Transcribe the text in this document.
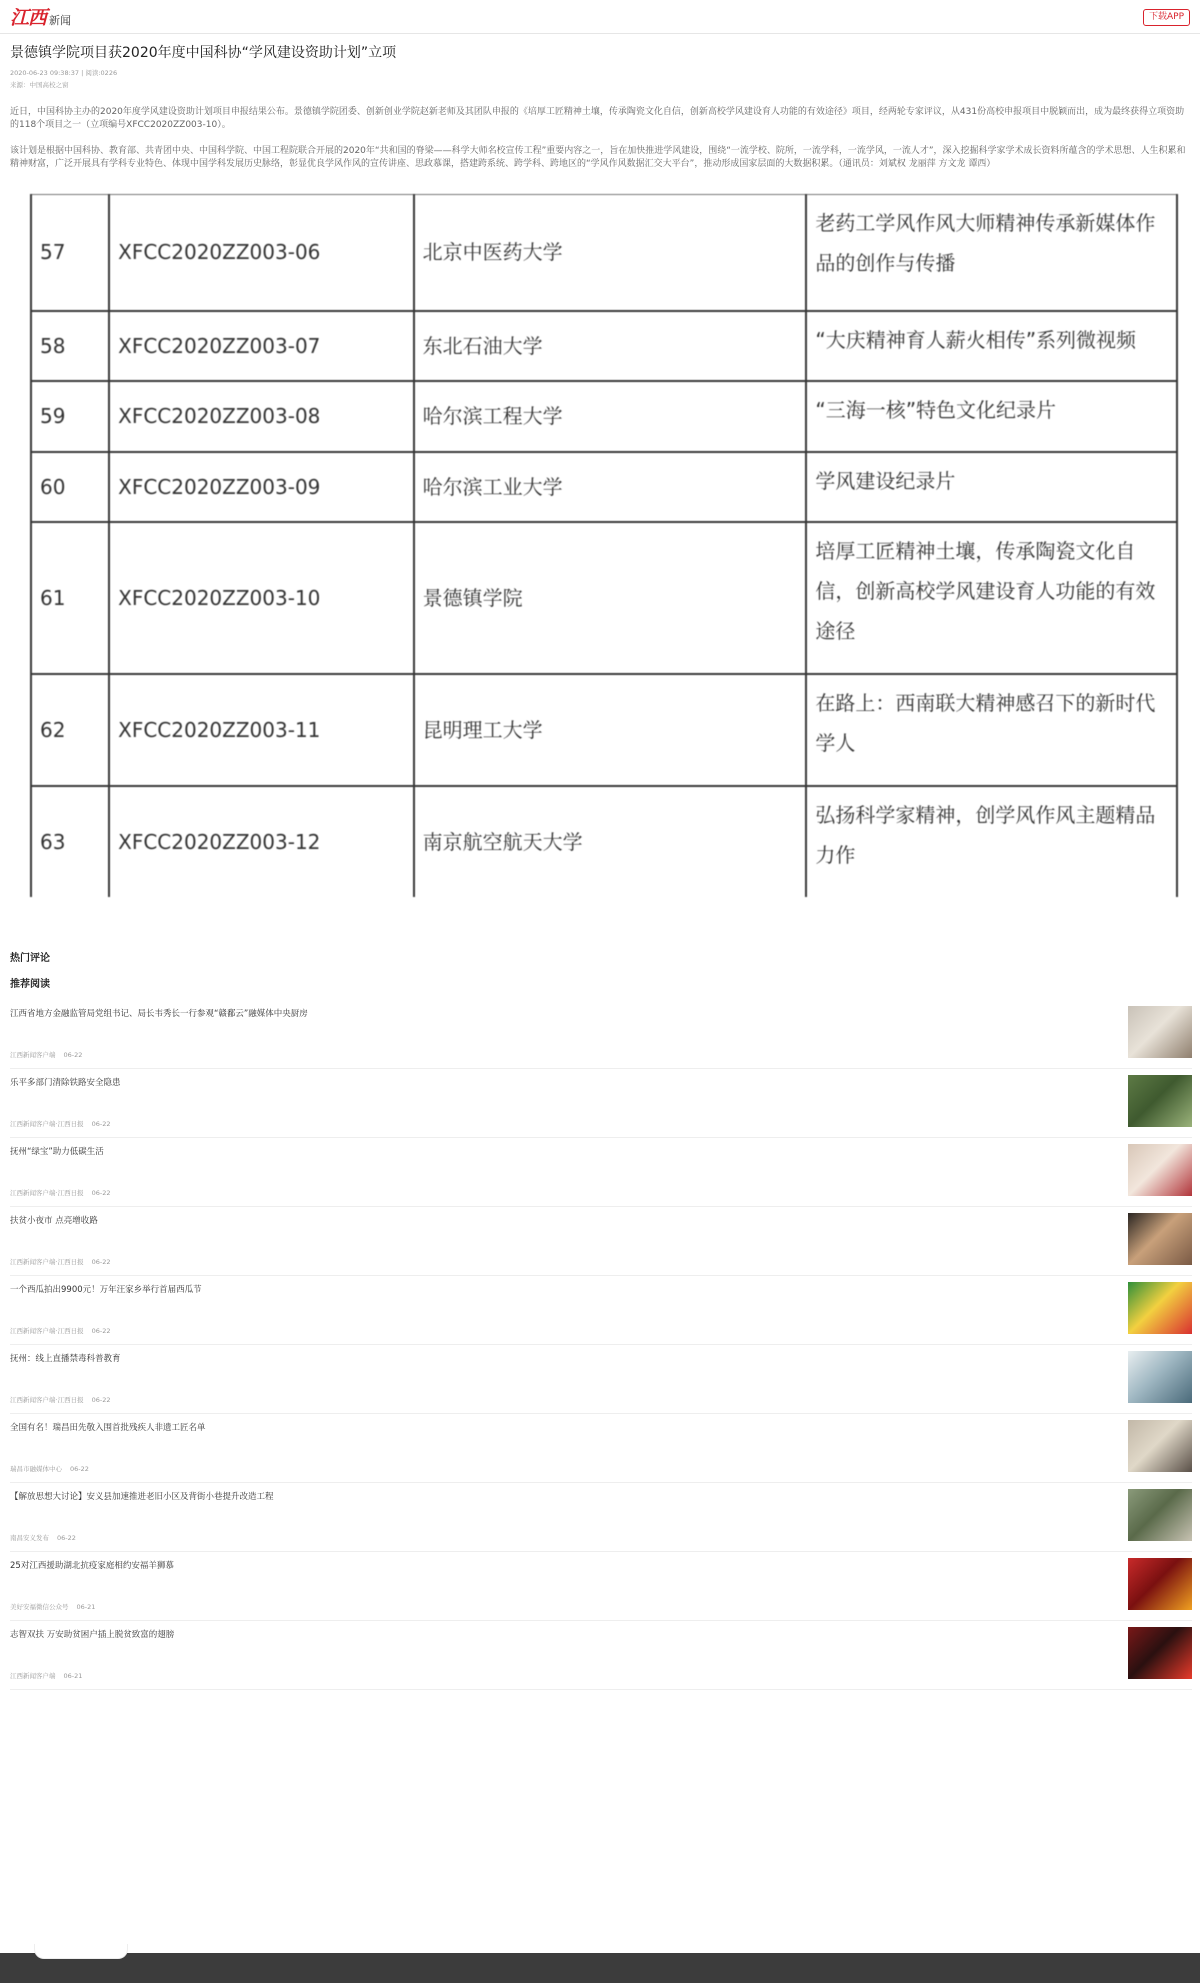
江西 新闻	下载APP
景德镇学院项目获2020年度中国科协“学风建设资助计划”立项
2020-06-23 09:38:37 | 阅读:0226
来源：中国高校之窗

近日，中国科协主办的2020年度学风建设资助计划项目申报结果公布。景德镇学院团委、创新创业学院赵新老师及其团队申报的《培厚工匠精神土壤，传承陶瓷文化自信，创新高校学风建设育人功能的有效途径》项目，经两轮专家评议，从431份高校申报项目中脱颖而出，成为最终获得立项资助的118个项目之一（立项编号XFCC2020ZZ003-10）。

该计划是根据中国科协、教育部、共青团中央、中国科学院、中国工程院联合开展的2020年“共和国的脊梁——科学大师名校宣传工程”重要内容之一，旨在加快推进学风建设，围绕“一流学校、院所，一流学科，一流学风，一流人才”，深入挖掘科学家学术成长资料所蕴含的学术思想、人生积累和精神财富，广泛开展具有学科专业特色、体现中国学科发展历史脉络，彰显优良学风作风的宣传讲座、思政慕课，搭建跨系统、跨学科、跨地区的“学风作风数据汇交大平台”，推动形成国家层面的大数据积累。（通讯员：刘斌权 龙丽萍 方文龙 谭西）

57	XFCC2020ZZ003-06	北京中医药大学	老药工学风作风大师精神传承新媒体作品的创作与传播
58	XFCC2020ZZ003-07	东北石油大学	“大庆精神育人薪火相传”系列微视频
59	XFCC2020ZZ003-08	哈尔滨工程大学	“三海一核”特色文化纪录片
60	XFCC2020ZZ003-09	哈尔滨工业大学	学风建设纪录片
61	XFCC2020ZZ003-10	景德镇学院	培厚工匠精神土壤，传承陶瓷文化自信，创新高校学风建设育人功能的有效途径
62	XFCC2020ZZ003-11	昆明理工大学	在路上：西南联大精神感召下的新时代学人
63	XFCC2020ZZ003-12	南京航空航天大学	弘扬科学家精神，创学风作风主题精品力作
热门评论
推荐阅读
江西省地方金融监管局党组书记、局长韦秀长一行参观“赣鄱云”融媒体中央厨房
江西新闻客户端 06-22
乐平多部门清除铁路安全隐患
江西新闻客户端·江西日报 06-22
抚州“绿宝”助力低碳生活
江西新闻客户端·江西日报 06-22
扶贫小夜市 点亮增收路
江西新闻客户端·江西日报 06-22
一个西瓜拍出9900元！万年汪家乡举行首届西瓜节
江西新闻客户端·江西日报 06-22
抚州：线上直播禁毒科普教育
江西新闻客户端·江西日报 06-22
全国有名！瑞昌田先敬入围首批残疾人非遗工匠名单
瑞昌市融媒体中心 06-22
【解放思想大讨论】安义县加速推进老旧小区及背街小巷提升改造工程
南昌安义发布 06-22
25对江西援助湖北抗疫家庭相约安福羊狮慕
美好安福微信公众号 06-21
志智双扶 万安助贫困户插上脱贫致富的翅膀
江西新闻客户端 06-21
